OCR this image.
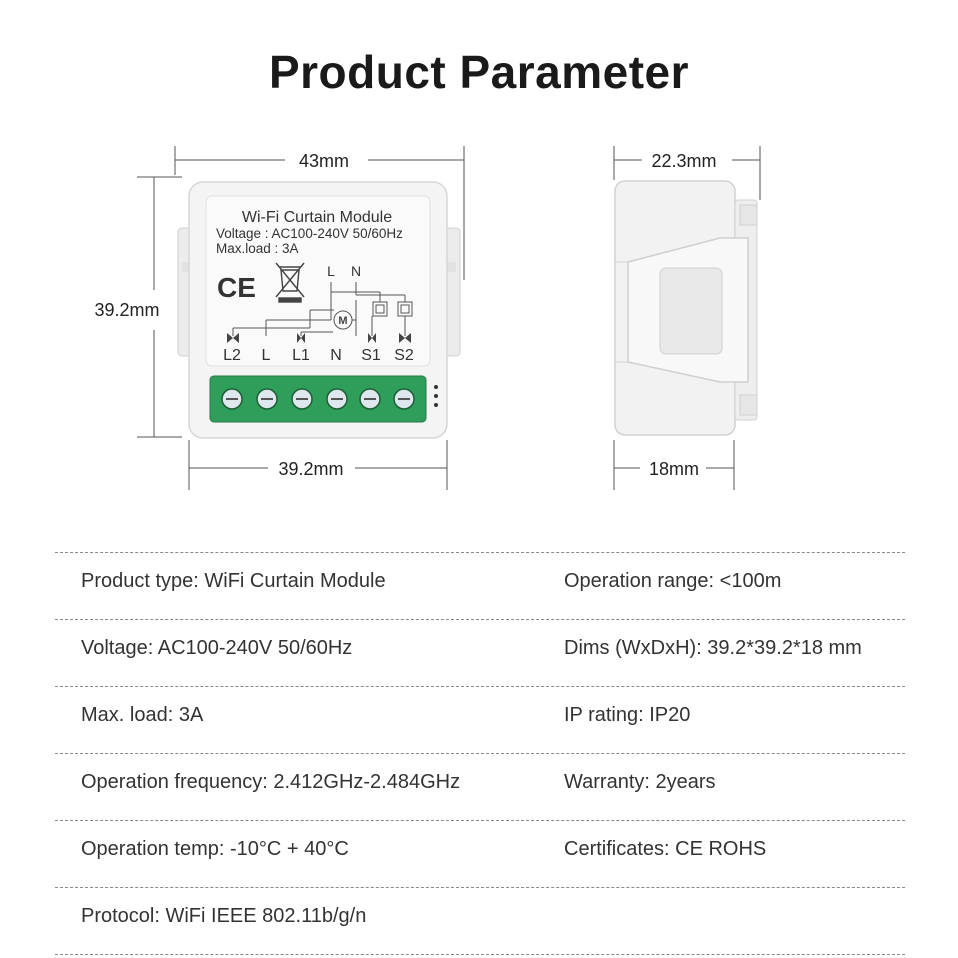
Product Parameter
43mm
39.2mm
39.2mm
Wi-Fi Curtain Module
Voltage : AC100-240V 50/60Hz
Max.load : 3A
CE
L N
M
L2 L L1 N S1 S2
22.3mm
18mm
Product type: WiFi Curtain Module	Operation range: <100m
Voltage: AC100-240V 50/60Hz	Dims (WxDxH): 39.2*39.2*18 mm
Max. load: 3A	IP rating: IP20
Operation frequency: 2.412GHz-2.484GHz	Warranty: 2years
Operation temp: -10°C + 40°C	Certificates: CE ROHS
Protocol: WiFi IEEE 802.11b/g/n
